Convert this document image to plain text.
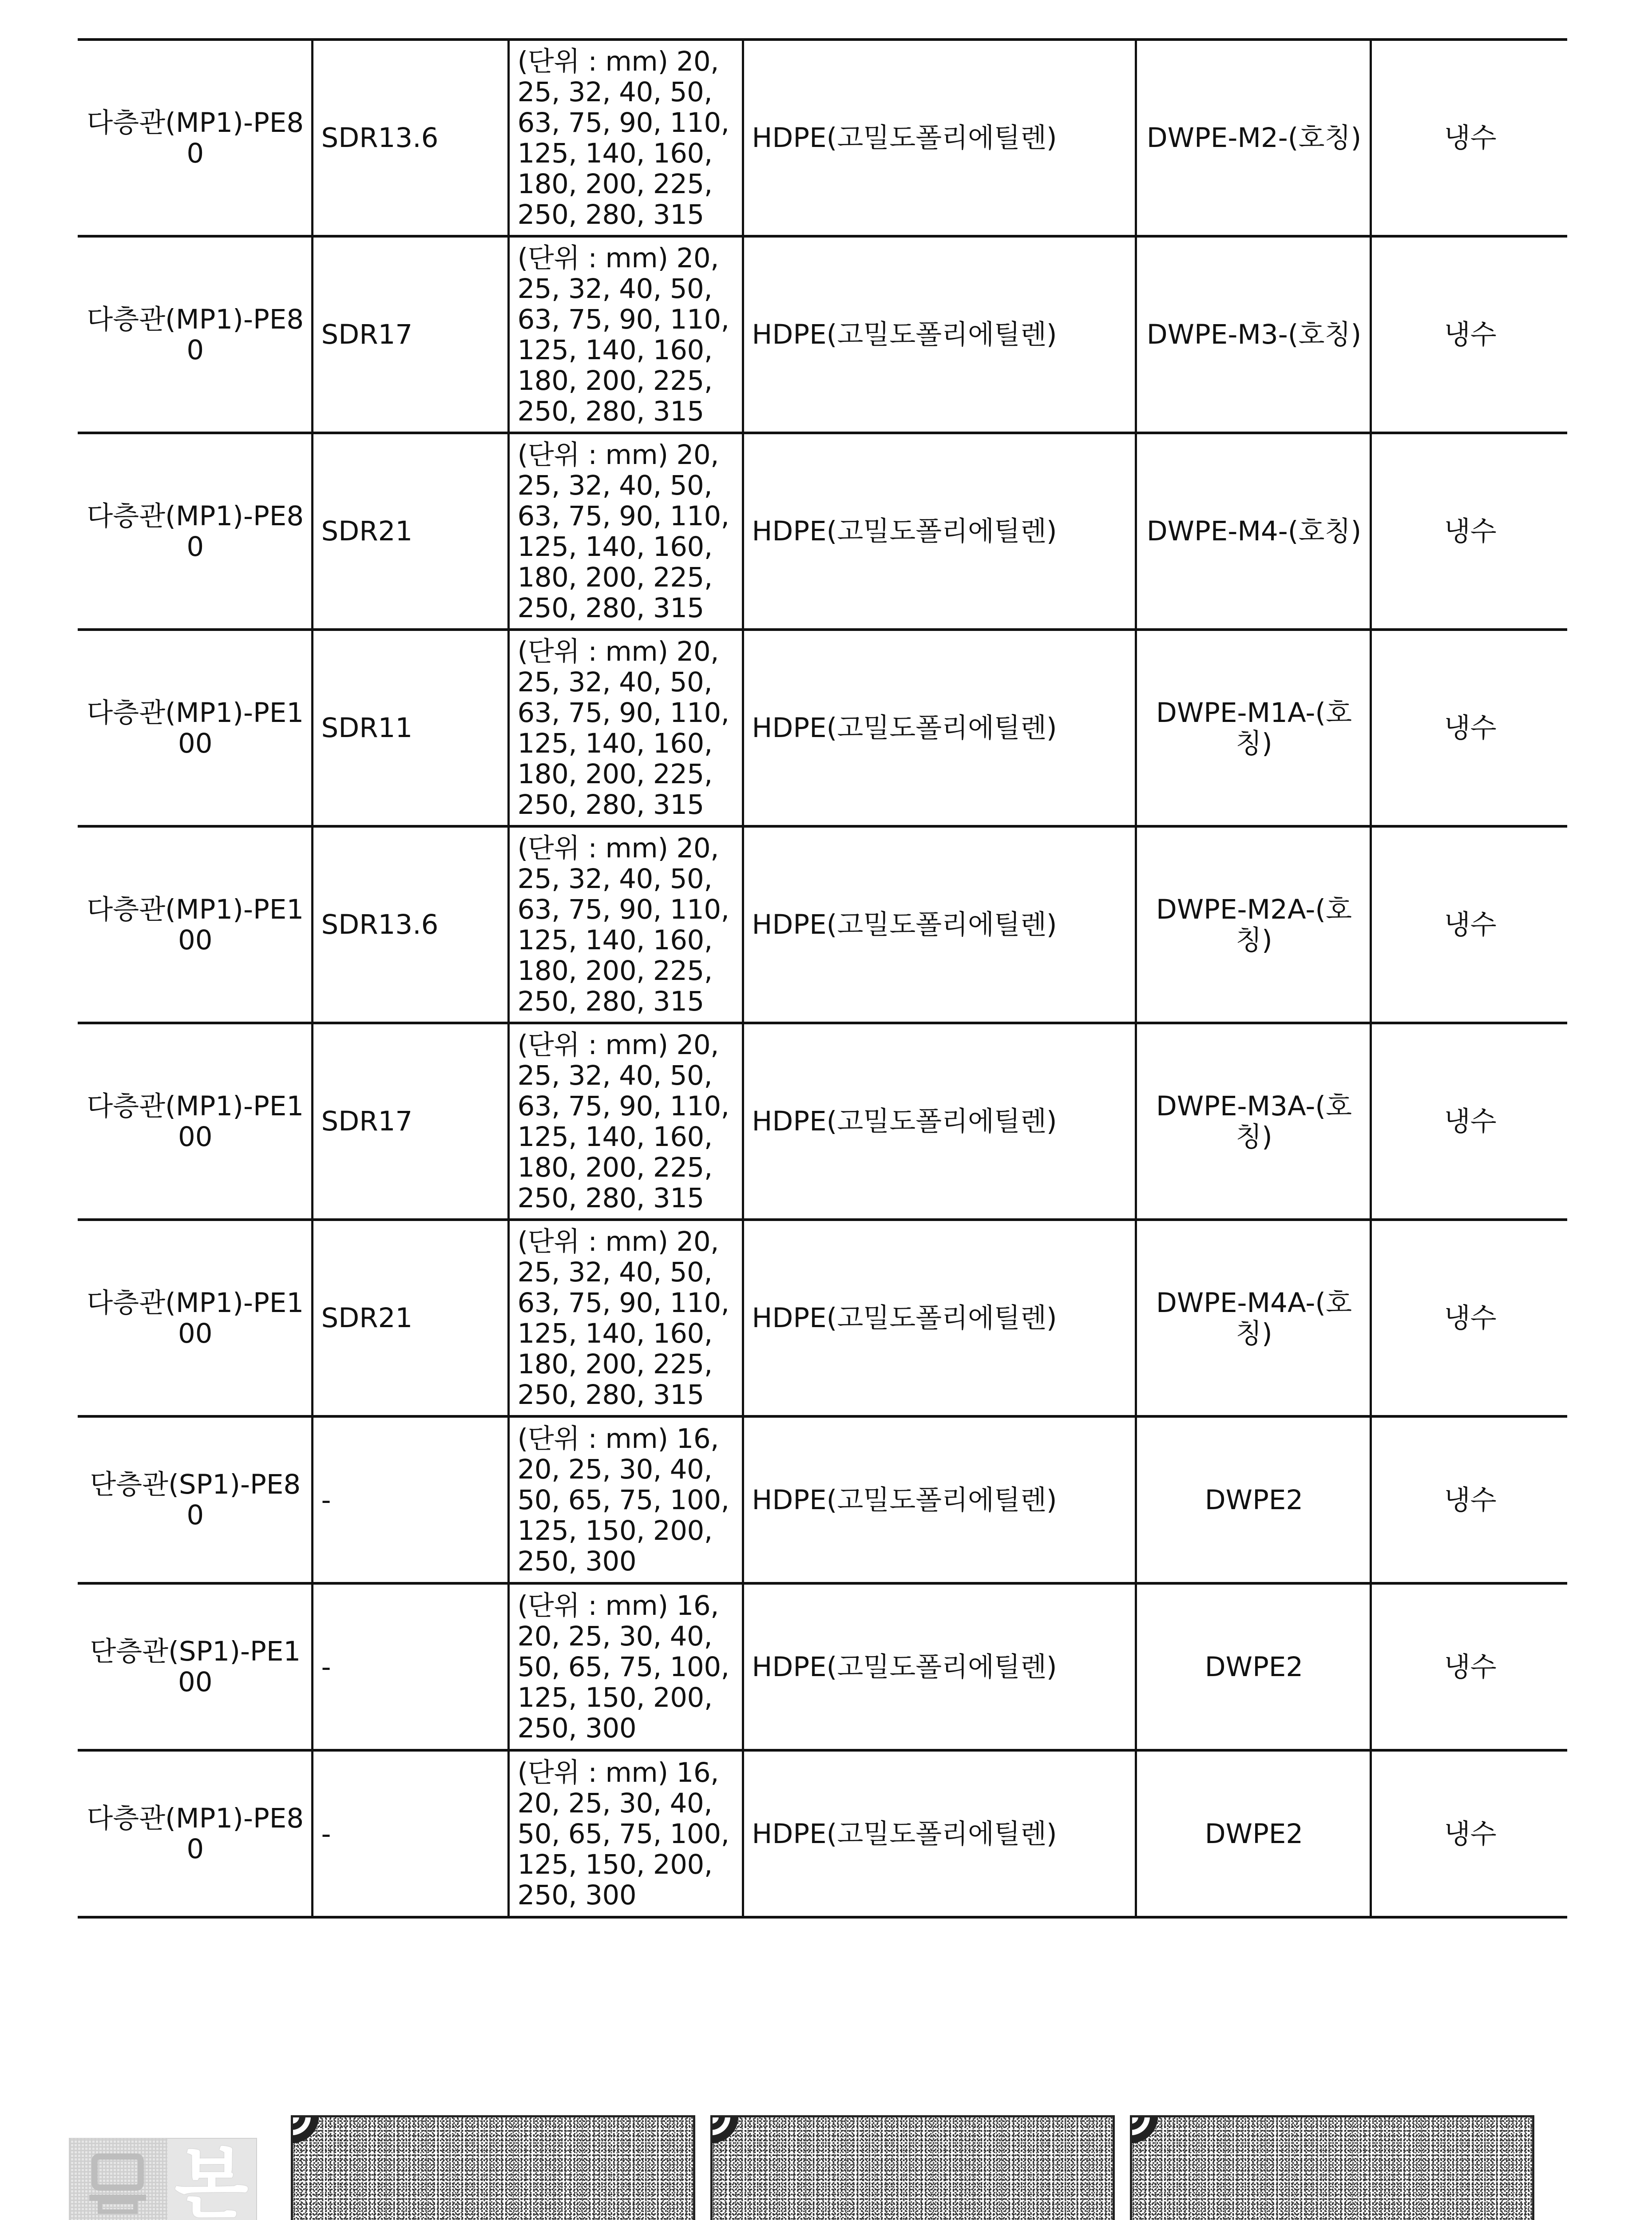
다층관(MP1)-PE80	SDR13.6	(단위 : mm) 20, 25, 32, 40, 50, 63, 75, 90, 110, 125, 140, 160, 180, 200, 225, 250, 280, 315	HDPE(고밀도폴리에틸렌)	DWPE-M2-(호칭)	냉수
다층관(MP1)-PE80	SDR17	(단위 : mm) 20, 25, 32, 40, 50, 63, 75, 90, 110, 125, 140, 160, 180, 200, 225, 250, 280, 315	HDPE(고밀도폴리에틸렌)	DWPE-M3-(호칭)	냉수
다층관(MP1)-PE80	SDR21	(단위 : mm) 20, 25, 32, 40, 50, 63, 75, 90, 110, 125, 140, 160, 180, 200, 225, 250, 280, 315	HDPE(고밀도폴리에틸렌)	DWPE-M4-(호칭)	냉수
다층관(MP1)-PE100	SDR11	(단위 : mm) 20, 25, 32, 40, 50, 63, 75, 90, 110, 125, 140, 160, 180, 200, 225, 250, 280, 315	HDPE(고밀도폴리에틸렌)	DWPE-M1A-(호칭)	냉수
다층관(MP1)-PE100	SDR13.6	(단위 : mm) 20, 25, 32, 40, 50, 63, 75, 90, 110, 125, 140, 160, 180, 200, 225, 250, 280, 315	HDPE(고밀도폴리에틸렌)	DWPE-M2A-(호칭)	냉수
다층관(MP1)-PE100	SDR17	(단위 : mm) 20, 25, 32, 40, 50, 63, 75, 90, 110, 125, 140, 160, 180, 200, 225, 250, 280, 315	HDPE(고밀도폴리에틸렌)	DWPE-M3A-(호칭)	냉수
다층관(MP1)-PE100	SDR21	(단위 : mm) 20, 25, 32, 40, 50, 63, 75, 90, 110, 125, 140, 160, 180, 200, 225, 250, 280, 315	HDPE(고밀도폴리에틸렌)	DWPE-M4A-(호칭)	냉수
단층관(SP1)-PE80	-	(단위 : mm) 16, 20, 25, 30, 40, 50, 65, 75, 100, 125, 150, 200, 250, 300	HDPE(고밀도폴리에틸렌)	DWPE2	냉수
단층관(SP1)-PE100	-	(단위 : mm) 16, 20, 25, 30, 40, 50, 65, 75, 100, 125, 150, 200, 250, 300	HDPE(고밀도폴리에틸렌)	DWPE2	냉수
다층관(MP1)-PE80	-	(단위 : mm) 16, 20, 25, 30, 40, 50, 65, 75, 100, 125, 150, 200, 250, 300	HDPE(고밀도폴리에틸렌)	DWPE2	냉수
본
